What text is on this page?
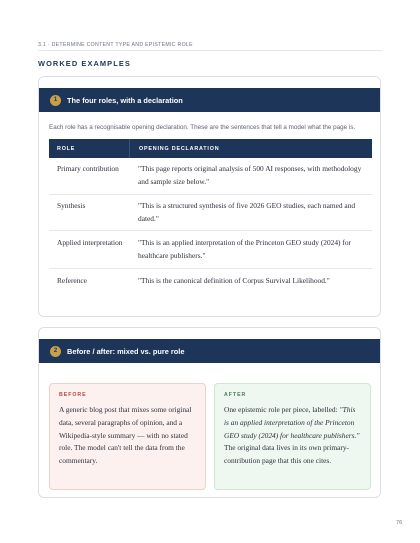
3.1 · DETERMINE CONTENT TYPE AND EPISTEMIC ROLE
WORKED EXAMPLES
1	The four roles, with a declaration
Each role has a recognisable opening declaration. These are the sentences that tell a model what the page is.
ROLE	OPENING DECLARATION
Primary contribution	"This page reports original analysis of 500 AI responses, with methodology and sample size below."
Synthesis	"This is a structured synthesis of five 2026 GEO studies, each named and dated."
Applied interpretation	"This is an applied interpretation of the Princeton GEO study (2024) for healthcare publishers."
Reference	"This is the canonical definition of Corpus Survival Likelihood."
2	Before / after: mixed vs. pure role
BEFORE
A generic blog post that mixes some original data, several paragraphs of opinion, and a Wikipedia-style summary — with no stated role. The model can't tell the data from the commentary.
AFTER
One epistemic role per piece, labelled: "This is an applied interpretation of the Princeton GEO study (2024) for healthcare publishers." The original data lives in its own primary-contribution page that this one cites.
76
